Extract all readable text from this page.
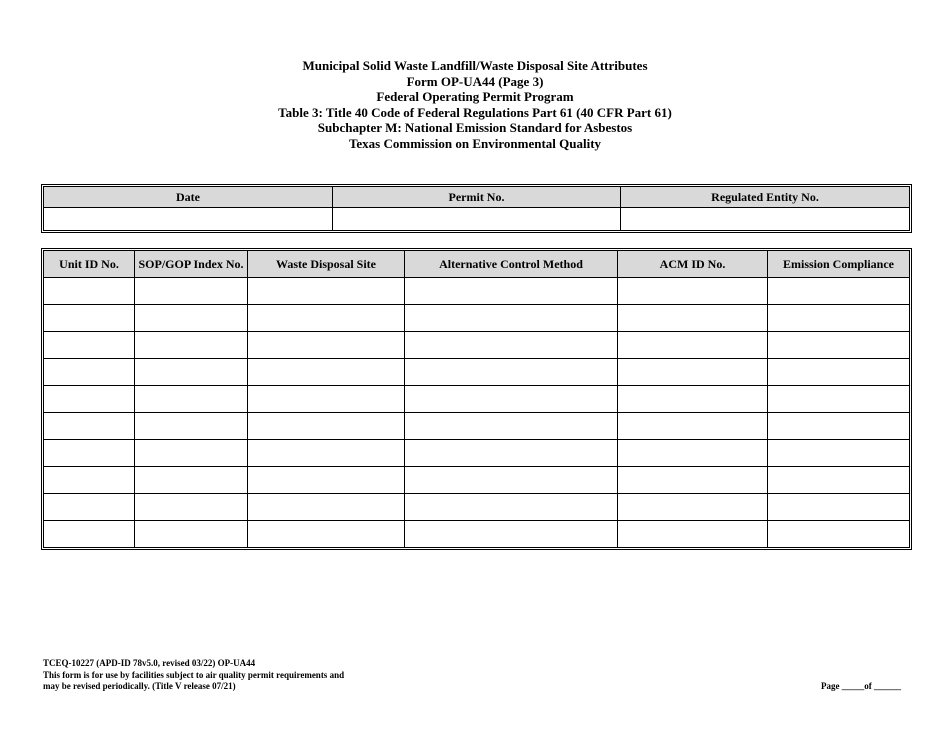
Municipal Solid Waste Landfill/Waste Disposal Site Attributes
Form OP-UA44 (Page 3)
Federal Operating Permit Program
Table 3: Title 40 Code of Federal Regulations Part 61 (40 CFR Part 61)
Subchapter M: National Emission Standard for Asbestos
Texas Commission on Environmental Quality
Date	Permit No.	Regulated Entity No.

Unit ID No.	SOP/GOP Index No.	Waste Disposal Site	Alternative Control Method	ACM ID No.	Emission Compliance

TCEQ-10227 (APD-ID 78v5.0, revised 03/22) OP-UA44
This form is for use by facilities subject to air quality permit requirements and
may be revised periodically. (Title V release 07/21)	Page _____of ______
